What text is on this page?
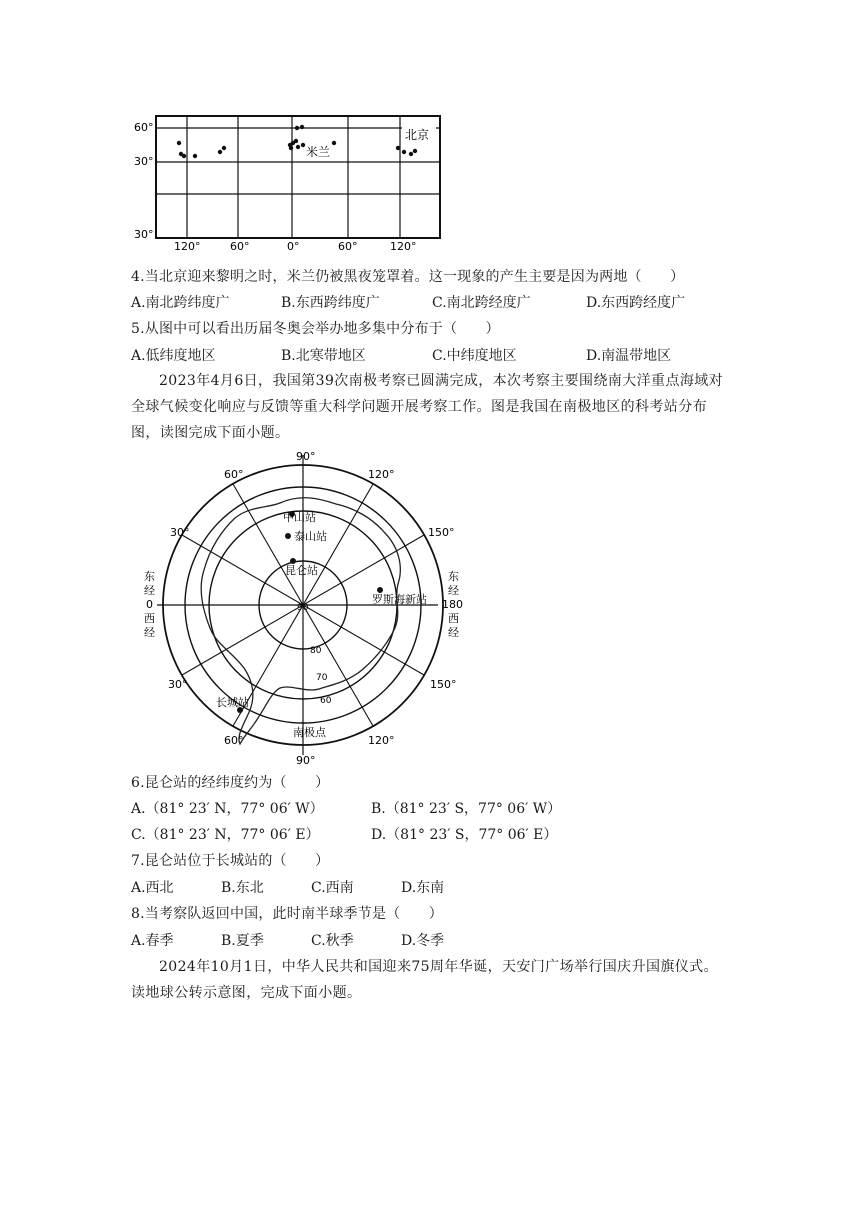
60°
30°
30°
120°	60°	0°	60°	120°
米兰
北京
4.当北京迎来黎明之时，米兰仍被黑夜笼罩着。这一现象的产生主要是因为两地（　　）
A.南北跨纬度广	B.东西跨纬度广	C.南北跨经度广	D.东西跨经度广
5.从图中可以看出历届冬奥会举办地多集中分布于（　　）
A.低纬度地区	B.北寒带地区	C.中纬度地区	D.南温带地区
2023年4月6日，我国第39次南极考察已圆满完成，本次考察主要围绕南大洋重点海域对全球气候变化响应与反馈等重大科学问题开展考察工作。图是我国在南极地区的科考站分布图，读图完成下面小题。
中山站
泰山站
昆仑站
罗斯海新站
长城站
南极点
90
80
70
60
90°
90°
60°	120°
30°	150°
30°	150°
60°	120°
东
经
0
西
经
东
经
180
西
经
6.昆仑站的经纬度约为（　　）
A.（81° 23′ N，77° 06′ W）	B.（81° 23′ S，77° 06′ W）
C.（81° 23′ N，77° 06′ E）	D.（81° 23′ S，77° 06′ E）
7.昆仑站位于长城站的（　　）
A.西北	B.东北	C.西南	D.东南
8.当考察队返回中国，此时南半球季节是（　　）
A.春季	B.夏季	C.秋季	D.冬季
2024年10月1日，中华人民共和国迎来75周年华诞，天安门广场举行国庆升国旗仪式。读地球公转示意图，完成下面小题。
